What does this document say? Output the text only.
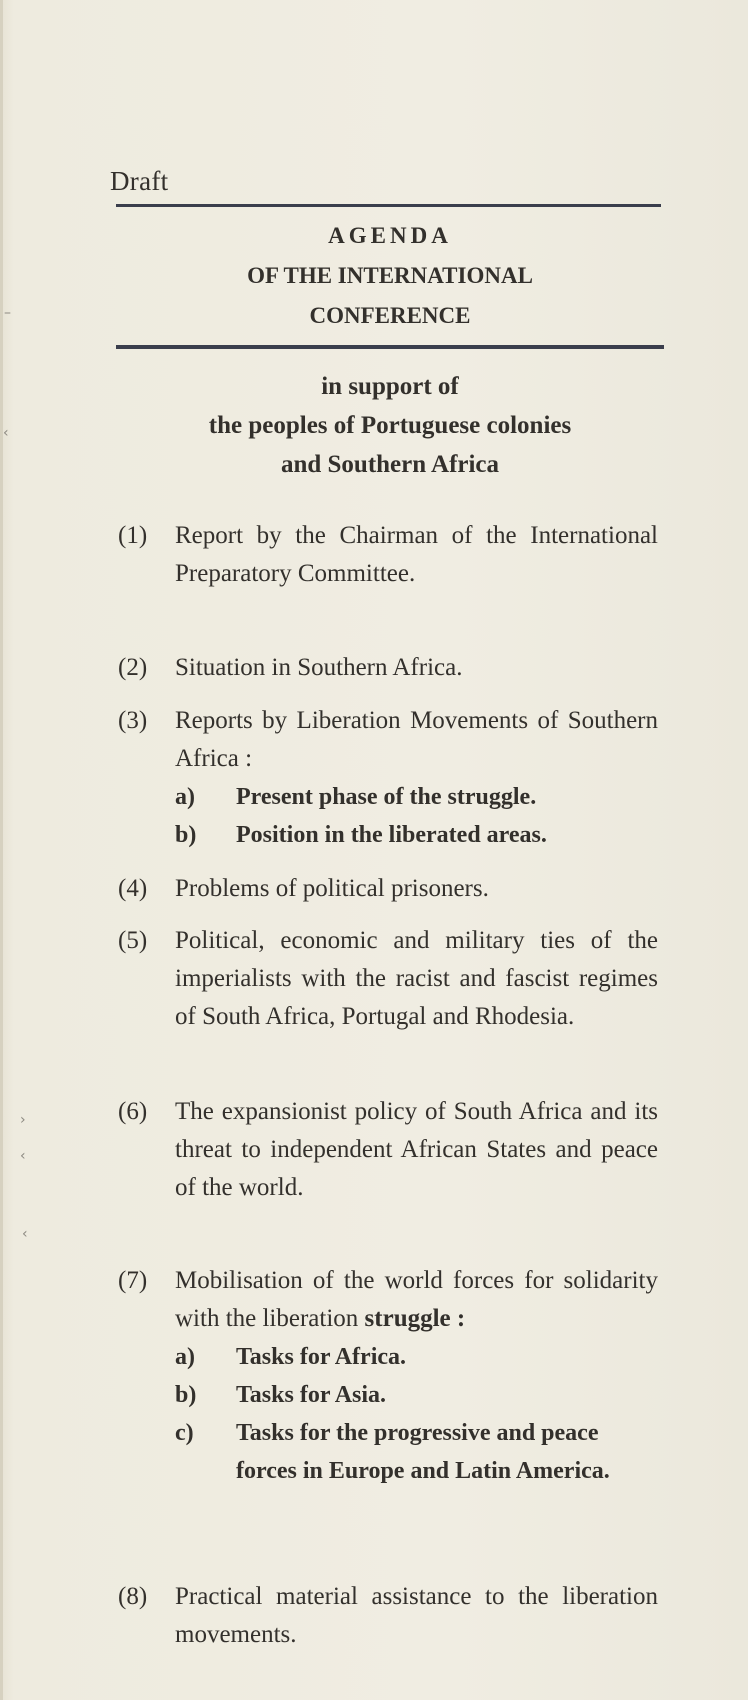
Draft
AGENDA
OF THE INTERNATIONAL
CONFERENCE
in support of
the peoples of Portuguese colonies
and Southern Africa
(1)	Report by the Chairman of the International Preparatory Committee.
(2)	Situation in Southern Africa.
(3)	Reports by Liberation Movements of Southern Africa :
a)	Present phase of the struggle.
b)	Position in the liberated areas.
(4)	Problems of political prisoners.
(5)	Political, economic and military ties of the imperialists with the racist and fascist regimes of South Africa, Portugal and Rhodesia.
(6)	The expansionist policy of South Africa and its threat to independent African States and peace of the world.
(7)	Mobilisation of the world forces for solidarity with the liberation struggle :
a)	Tasks for Africa.
b)	Tasks for Asia.
c)	Tasks for the progressive and peace forces in Europe and Latin America.
(8)	Practical material assistance to the liberation movements.
–
‹
›
‹
‹
